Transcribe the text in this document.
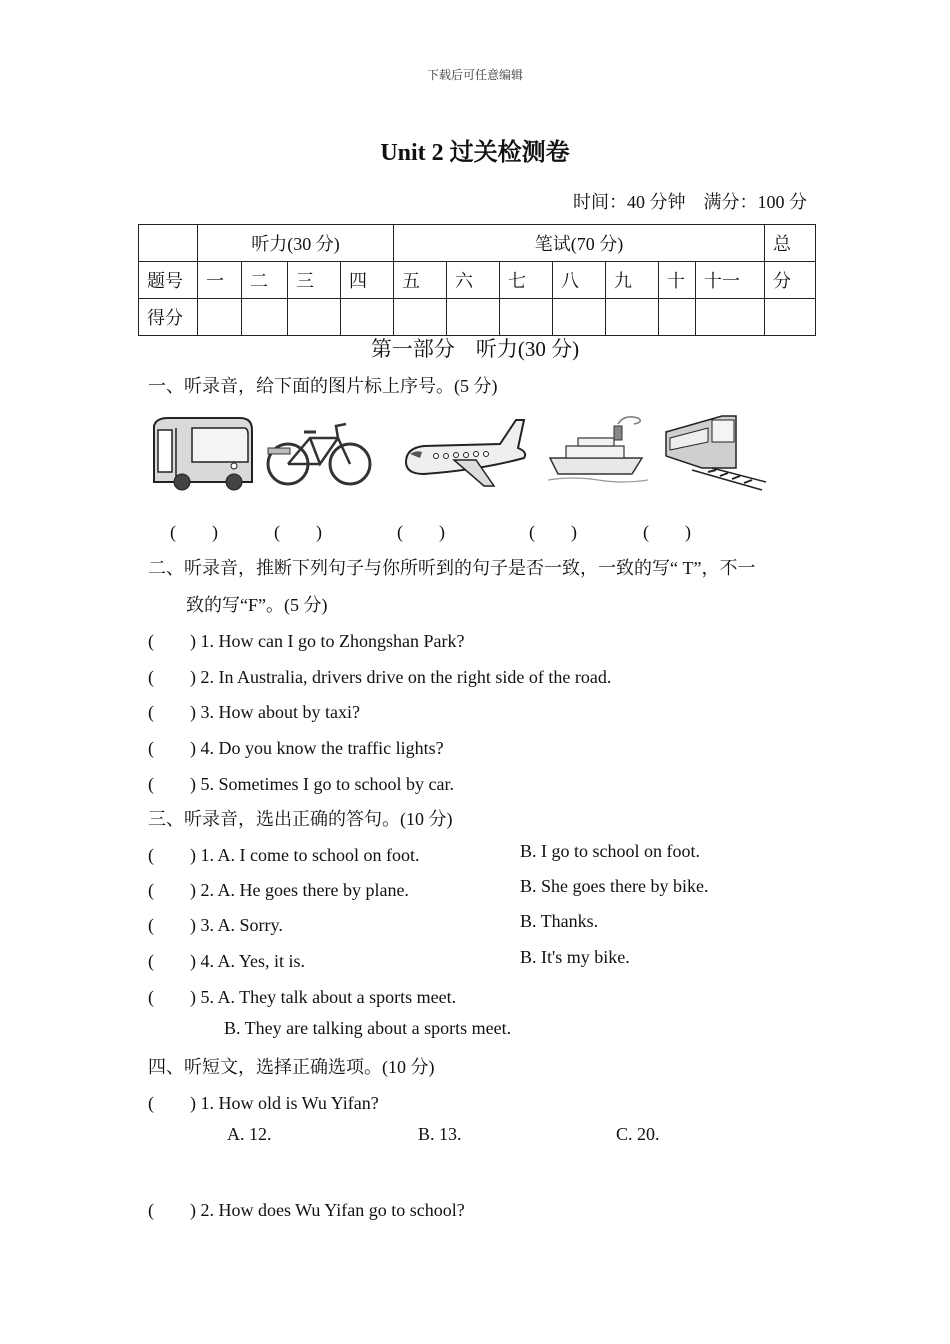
下载后可任意编辑
Unit 2 过关检测卷
时间：40 分钟　满分：100 分
	听力(30 分)				笔试(70 分)							总
题号	一	二	三	四	五	六	七	八	九	十	十一	分
得分												
第一部分　听力(30 分)
一、听录音，给下面的图片标上序号。(5 分)
(　　)	(　　)	(　　)	(　　)	(　　)
二、听录音，推断下列句子与你所听到的句子是否一致，一致的写“ T”，不一
致的写“F”。(5 分)
(　　) 1. How can I go to Zhongshan Park?
(　　) 2. In Australia, drivers drive on the right side of the road.
(　　) 3. How about by taxi?
(　　) 4. Do you know the traffic lights?
(　　) 5. Sometimes I go to school by car.
三、听录音，选出正确的答句。(10 分)
(　　) 1. A. I come to school on foot.	B. I go to school on foot.
(　　) 2. A. He goes there by plane.	B. She goes there by bike.
(　　) 3. A. Sorry.	B. Thanks.
(　　) 4. A. Yes, it is.	B. It's my bike.
(　　) 5. A. They talk about a sports meet.
B. They are talking about a sports meet.
四、听短文，选择正确选项。(10 分)
(　　) 1. How old is Wu Yifan?
A. 12.	B. 13.	C. 20.
(　　) 2. How does Wu Yifan go to school?
